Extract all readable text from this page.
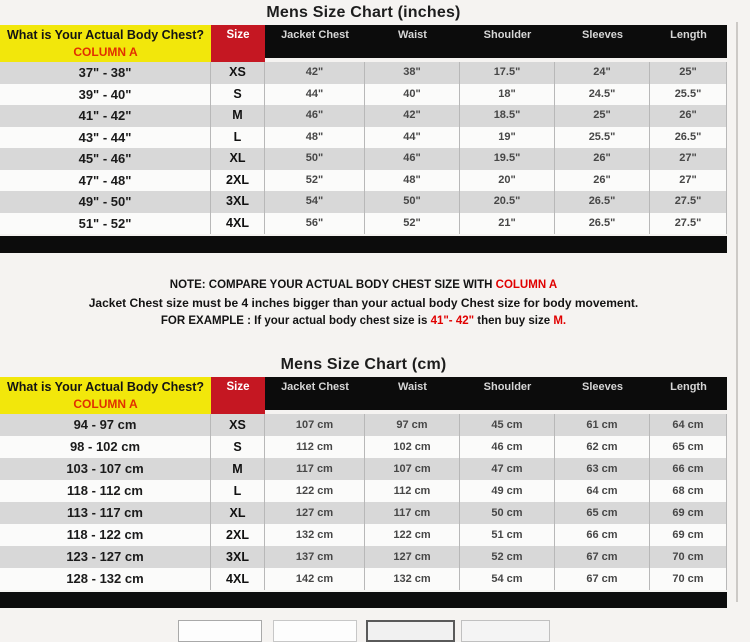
Mens Size Chart (inches)
What is Your Actual Body Chest?
COLUMN A
Size	Jacket Chest	Waist	Shoulder	Sleeves	Length
37" - 38"	XS	42"	38"	17.5"	24"	25"
39" - 40"	S	44"	40"	18"	24.5"	25.5"
41" - 42"	M	46"	42"	18.5"	25"	26"
43" - 44"	L	48"	44"	19"	25.5"	26.5"
45" - 46"	XL	50"	46"	19.5"	26"	27"
47" - 48"	2XL	52"	48"	20"	26"	27"
49" - 50"	3XL	54"	50"	20.5"	26.5"	27.5"
51" - 52"	4XL	56"	52"	21"	26.5"	27.5"

NOTE: COMPARE YOUR ACTUAL BODY CHEST SIZE WITH COLUMN A

Jacket Chest size must be 4 inches bigger than your actual body Chest size for body movement.

FOR EXAMPLE : If your actual body chest size is 41"- 42" then buy size M.

Mens Size Chart (cm)
What is Your Actual Body Chest?
COLUMN A
Size	Jacket Chest	Waist	Shoulder	Sleeves	Length
94 - 97 cm	XS	107 cm	97 cm	45 cm	61 cm	64 cm
98 - 102 cm	S	112 cm	102 cm	46 cm	62 cm	65 cm
103 - 107 cm	M	117 cm	107 cm	47 cm	63 cm	66 cm
118 - 112 cm	L	122 cm	112 cm	49 cm	64 cm	68 cm
113 - 117 cm	XL	127 cm	117 cm	50 cm	65 cm	69 cm
118 - 122 cm	2XL	132 cm	122 cm	51 cm	66 cm	69 cm
123 - 127 cm	3XL	137 cm	127 cm	52 cm	67 cm	70 cm
128 - 132 cm	4XL	142 cm	132 cm	54 cm	67 cm	70 cm
